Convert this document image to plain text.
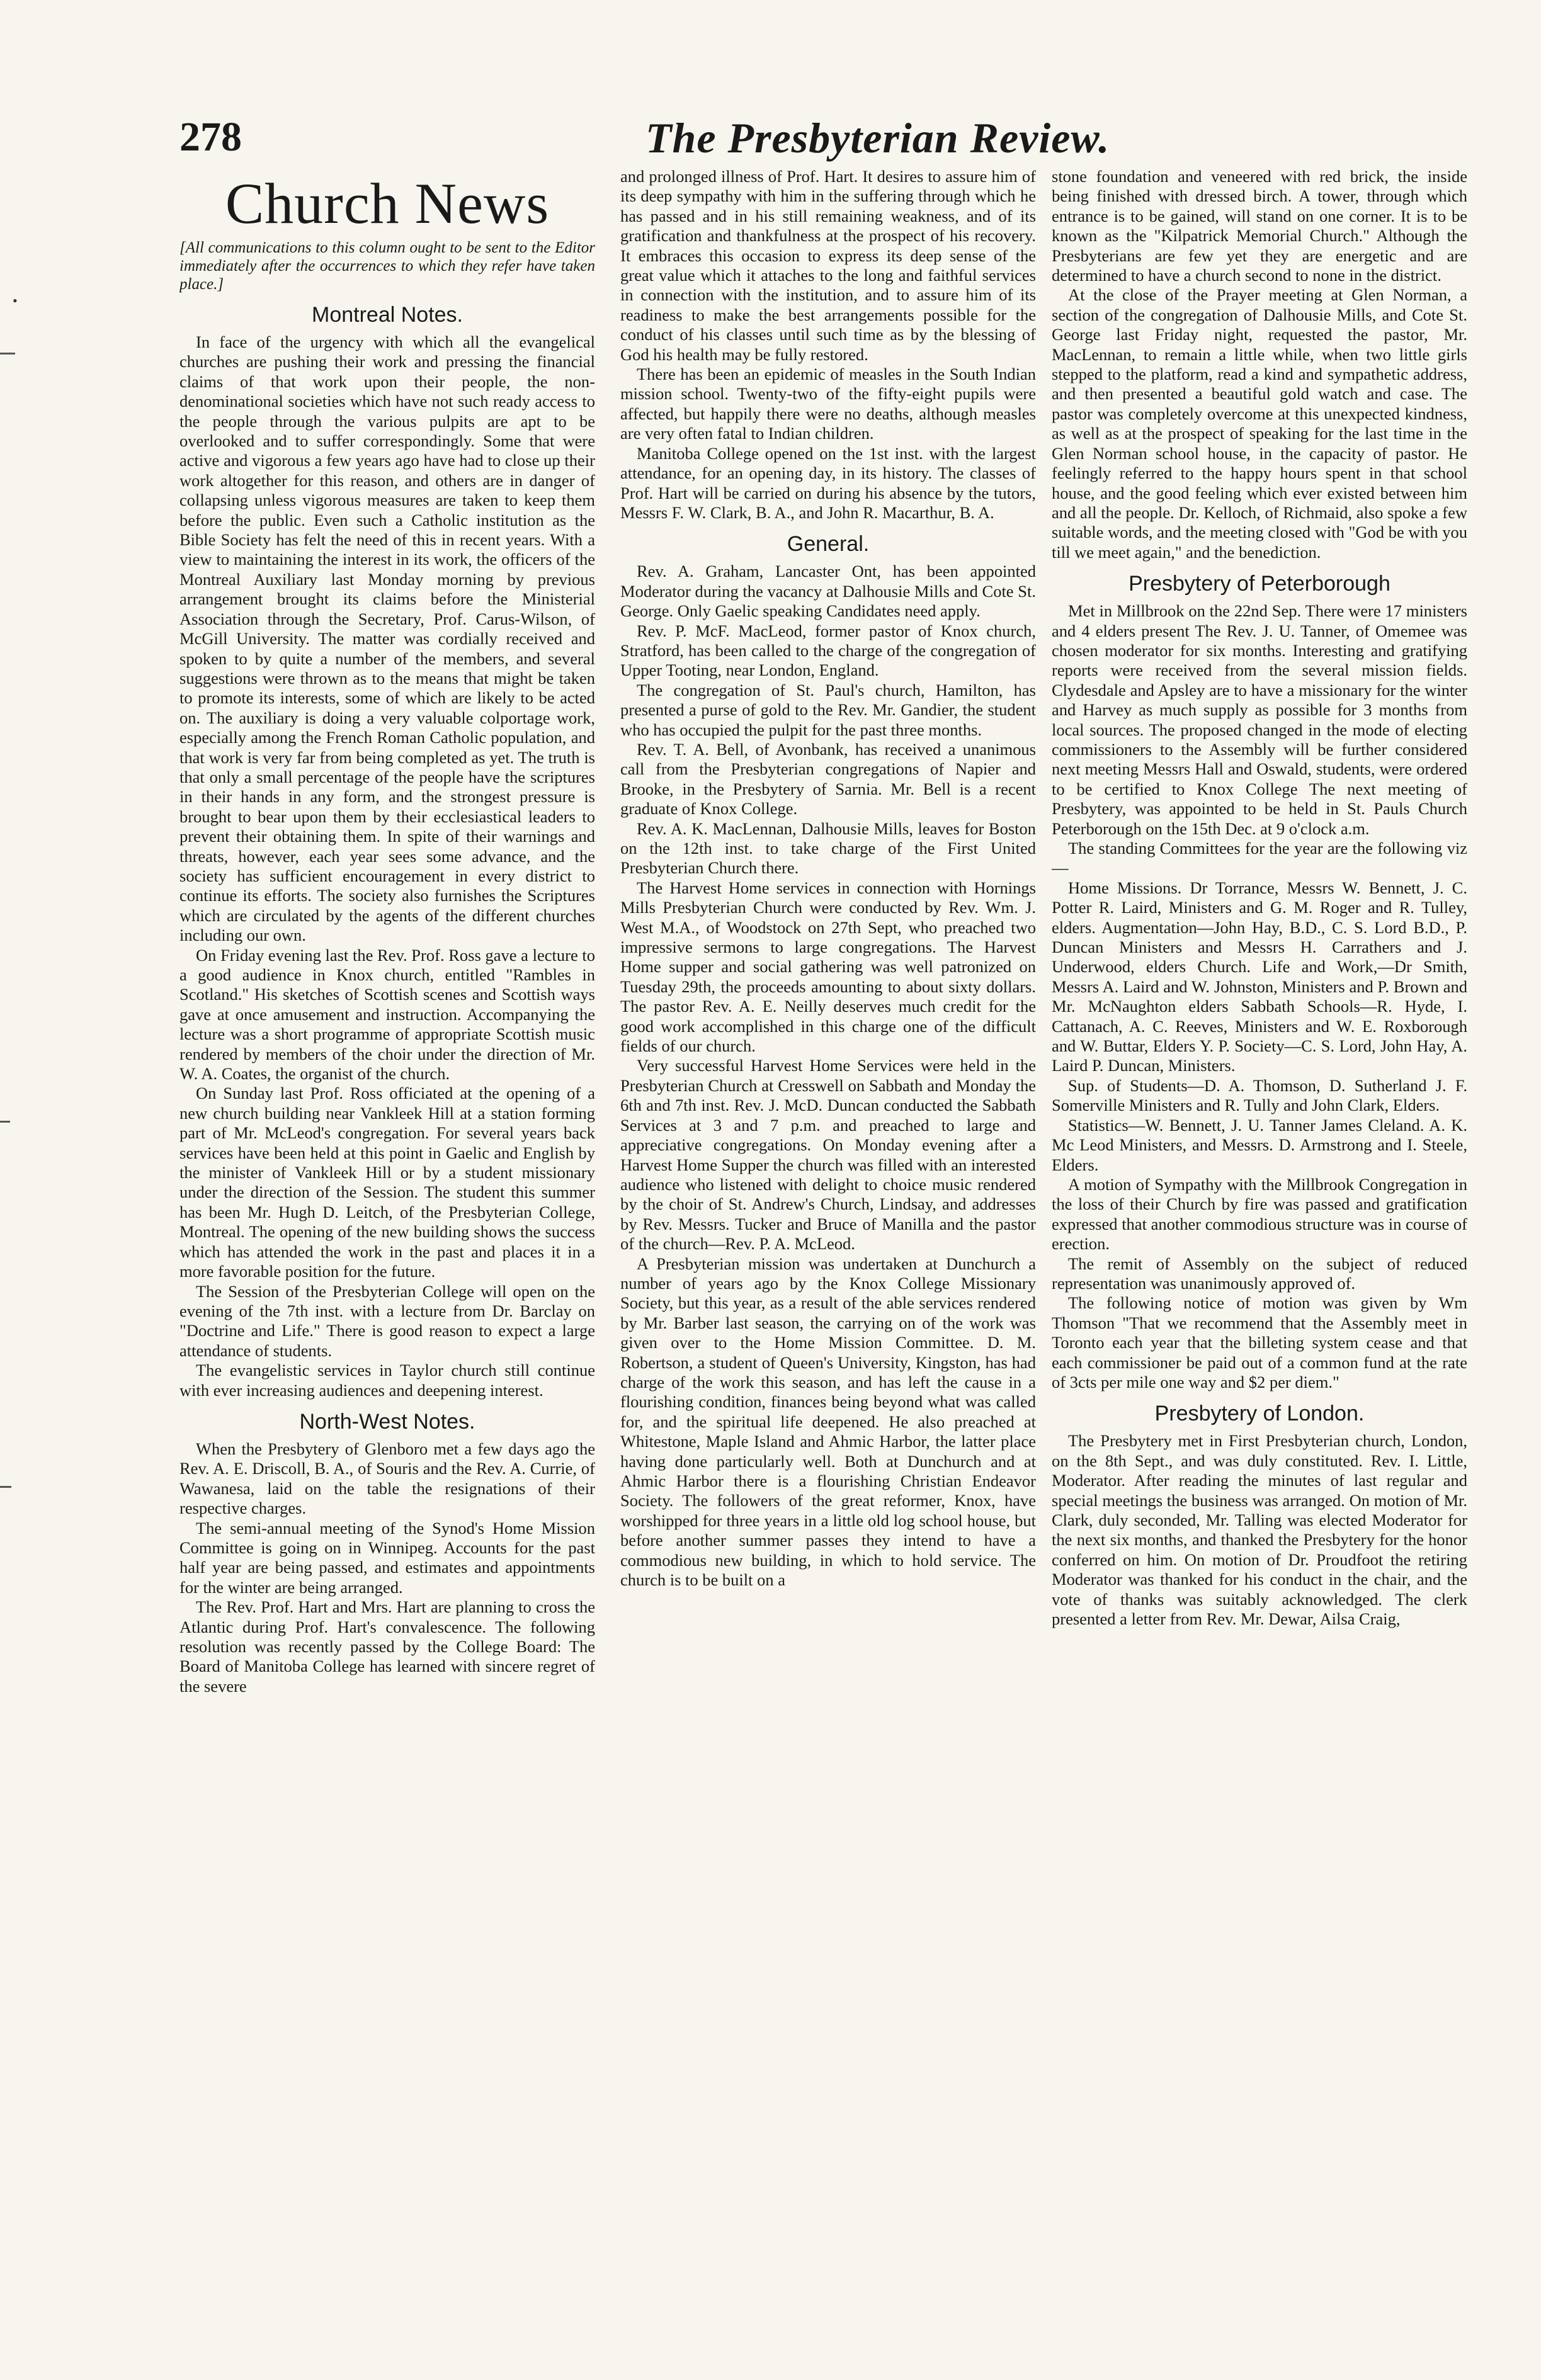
278	The Presbyterian Review.
•
Church News

[All communications to this column ought to be sent to the Editor immediately after the occurrences to which they refer have taken place.]

Montreal Notes.

In face of the urgency with which all the evangelical churches are pushing their work and pressing the financial claims of that work upon their people, the non-denominational societies which have not such ready access to the people through the various pulpits are apt to be overlooked and to suffer correspondingly. Some that were active and vigorous a few years ago have had to close up their work altogether for this reason, and others are in danger of collapsing unless vigorous measures are taken to keep them before the public. Even such a Catholic institution as the Bible Society has felt the need of this in recent years. With a view to maintaining the interest in its work, the officers of the Montreal Auxiliary last Monday morning by previous arrangement brought its claims before the Ministerial Association through the Secretary, Prof. Carus-Wilson, of McGill University. The matter was cordially received and spoken to by quite a number of the members, and several suggestions were thrown as to the means that might be taken to promote its interests, some of which are likely to be acted on. The auxiliary is doing a very valuable colportage work, especially among the French Roman Catholic population, and that work is very far from being completed as yet. The truth is that only a small percentage of the people have the scriptures in their hands in any form, and the strongest pressure is brought to bear upon them by their ecclesiastical leaders to prevent their obtaining them. In spite of their warnings and threats, however, each year sees some advance, and the society has sufficient encouragement in every district to continue its efforts. The society also furnishes the Scriptures which are circulated by the agents of the different churches including our own.

On Friday evening last the Rev. Prof. Ross gave a lecture to a good audience in Knox church, entitled "Rambles in Scotland." His sketches of Scottish scenes and Scottish ways gave at once amusement and instruction. Accompanying the lecture was a short programme of appropriate Scottish music rendered by members of the choir under the direction of Mr. W. A. Coates, the organist of the church.

On Sunday last Prof. Ross officiated at the opening of a new church building near Vankleek Hill at a station forming part of Mr. McLeod's congregation. For several years back services have been held at this point in Gaelic and English by the minister of Vankleek Hill or by a student missionary under the direction of the Session. The student this summer has been Mr. Hugh D. Leitch, of the Presbyterian College, Montreal. The opening of the new building shows the success which has attended the work in the past and places it in a more favorable position for the future.

The Session of the Presbyterian College will open on the evening of the 7th inst. with a lecture from Dr. Barclay on "Doctrine and Life." There is good reason to expect a large attendance of students.

The evangelistic services in Taylor church still continue with ever increasing audiences and deepening interest.

North-West Notes.

When the Presbytery of Glenboro met a few days ago the Rev. A. E. Driscoll, B. A., of Souris and the Rev. A. Currie, of Wawanesa, laid on the table the resignations of their respective charges.

The semi-annual meeting of the Synod's Home Mission Committee is going on in Winnipeg. Accounts for the past half year are being passed, and estimates and appointments for the winter are being arranged.

The Rev. Prof. Hart and Mrs. Hart are planning to cross the Atlantic during Prof. Hart's convalescence. The following resolution was recently passed by the College Board: The Board of Manitoba College has learned with sincere regret of the severe

and prolonged illness of Prof. Hart. It desires to assure him of its deep sympathy with him in the suffering through which he has passed and in his still remaining weakness, and of its gratification and thankfulness at the prospect of his recovery. It embraces this occasion to express its deep sense of the great value which it attaches to the long and faithful services in connection with the institution, and to assure him of its readiness to make the best arrangements possible for the conduct of his classes until such time as by the blessing of God his health may be fully restored.

There has been an epidemic of measles in the South Indian mission school. Twenty-two of the fifty-eight pupils were affected, but happily there were no deaths, although measles are very often fatal to Indian children.

Manitoba College opened on the 1st inst. with the largest attendance, for an opening day, in its history. The classes of Prof. Hart will be carried on during his absence by the tutors, Messrs F. W. Clark, B. A., and John R. Macarthur, B. A.

General.

Rev. A. Graham, Lancaster Ont, has been appointed Moderator during the vacancy at Dalhousie Mills and Cote St. George. Only Gaelic speaking Candidates need apply.

Rev. P. McF. MacLeod, former pastor of Knox church, Stratford, has been called to the charge of the congregation of Upper Tooting, near London, England.

The congregation of St. Paul's church, Hamilton, has presented a purse of gold to the Rev. Mr. Gandier, the student who has occupied the pulpit for the past three months.

Rev. T. A. Bell, of Avonbank, has received a unanimous call from the Presbyterian congregations of Napier and Brooke, in the Presbytery of Sarnia. Mr. Bell is a recent graduate of Knox College.

Rev. A. K. MacLennan, Dalhousie Mills, leaves for Boston on the 12th inst. to take charge of the First United Presbyterian Church there.

The Harvest Home services in connection with Hornings Mills Presbyterian Church were conducted by Rev. Wm. J. West M.A., of Woodstock on 27th Sept, who preached two impressive sermons to large congregations. The Harvest Home supper and social gathering was well patronized on Tuesday 29th, the proceeds amounting to about sixty dollars. The pastor Rev. A. E. Neilly deserves much credit for the good work accomplished in this charge one of the difficult fields of our church.

Very successful Harvest Home Services were held in the Presbyterian Church at Cresswell on Sabbath and Monday the 6th and 7th inst. Rev. J. McD. Duncan conducted the Sabbath Services at 3 and 7 p.m. and preached to large and appreciative congregations. On Monday evening after a Harvest Home Supper the church was filled with an interested audience who listened with delight to choice music rendered by the choir of St. Andrew's Church, Lindsay, and addresses by Rev. Messrs. Tucker and Bruce of Manilla and the pastor of the church—Rev. P. A. McLeod.

A Presbyterian mission was undertaken at Dunchurch a number of years ago by the Knox College Missionary Society, but this year, as a result of the able services rendered by Mr. Barber last season, the carrying on of the work was given over to the Home Mission Committee. D. M. Robertson, a student of Queen's University, Kingston, has had charge of the work this season, and has left the cause in a flourishing condition, finances being beyond what was called for, and the spiritual life deepened. He also preached at Whitestone, Maple Island and Ahmic Harbor, the latter place having done particularly well. Both at Dunchurch and at Ahmic Harbor there is a flourishing Christian Endeavor Society. The followers of the great reformer, Knox, have worshipped for three years in a little old log school house, but before another summer passes they intend to have a commodious new building, in which to hold service. The church is to be built on a

stone foundation and veneered with red brick, the inside being finished with dressed birch. A tower, through which entrance is to be gained, will stand on one corner. It is to be known as the "Kilpatrick Memorial Church." Although the Presbyterians are few yet they are energetic and are determined to have a church second to none in the district.

At the close of the Prayer meeting at Glen Norman, a section of the congregation of Dalhousie Mills, and Cote St. George last Friday night, requested the pastor, Mr. MacLennan, to remain a little while, when two little girls stepped to the platform, read a kind and sympathetic address, and then presented a beautiful gold watch and case. The pastor was completely overcome at this unexpected kindness, as well as at the prospect of speaking for the last time in the Glen Norman school house, in the capacity of pastor. He feelingly referred to the happy hours spent in that school house, and the good feeling which ever existed between him and all the people. Dr. Kelloch, of Richmaid, also spoke a few suitable words, and the meeting closed with "God be with you till we meet again," and the benediction.

Presbytery of Peterborough

Met in Millbrook on the 22nd Sep. There were 17 ministers and 4 elders present The Rev. J. U. Tanner, of Omemee was chosen moderator for six months. Interesting and gratifying reports were received from the several mission fields. Clydesdale and Apsley are to have a missionary for the winter and Harvey as much supply as possible for 3 months from local sources. The proposed changed in the mode of electing commissioners to the Assembly will be further considered next meeting Messrs Hall and Oswald, students, were ordered to be certified to Knox College The next meeting of Presbytery, was appointed to be held in St. Pauls Church Peterborough on the 15th Dec. at 9 o'clock a.m.

The standing Committees for the year are the following viz—

Home Missions. Dr Torrance, Messrs W. Bennett, J. C. Potter R. Laird, Ministers and G. M. Roger and R. Tulley, elders. Augmentation—John Hay, B.D., C. S. Lord B.D., P. Duncan Ministers and Messrs H. Carrathers and J. Underwood, elders Church. Life and Work,—Dr Smith, Messrs A. Laird and W. Johnston, Ministers and P. Brown and Mr. McNaughton elders Sabbath Schools—R. Hyde, I. Cattanach, A. C. Reeves, Ministers and W. E. Roxborough and W. Buttar, Elders Y. P. Society—C. S. Lord, John Hay, A. Laird P. Duncan, Ministers.

Sup. of Students—D. A. Thomson, D. Sutherland J. F. Somerville Ministers and R. Tully and John Clark, Elders.

Statistics—W. Bennett, J. U. Tanner James Cleland. A. K. Mc Leod Ministers, and Messrs. D. Armstrong and I. Steele, Elders.

A motion of Sympathy with the Millbrook Congregation in the loss of their Church by fire was passed and gratification expressed that another commodious structure was in course of erection.

The remit of Assembly on the subject of reduced representation was unanimously approved of.

The following notice of motion was given by Wm Thomson "That we recommend that the Assembly meet in Toronto each year that the billeting system cease and that each commissioner be paid out of a common fund at the rate of 3cts per mile one way and $2 per diem."

Presbytery of London.

The Presbytery met in First Presbyterian church, London, on the 8th Sept., and was duly constituted. Rev. I. Little, Moderator. After reading the minutes of last regular and special meetings the business was arranged. On motion of Mr. Clark, duly seconded, Mr. Talling was elected Moderator for the next six months, and thanked the Presbytery for the honor conferred on him. On motion of Dr. Proudfoot the retiring Moderator was thanked for his conduct in the chair, and the vote of thanks was suitably acknowledged. The clerk presented a letter from Rev. Mr. Dewar, Ailsa Craig,
